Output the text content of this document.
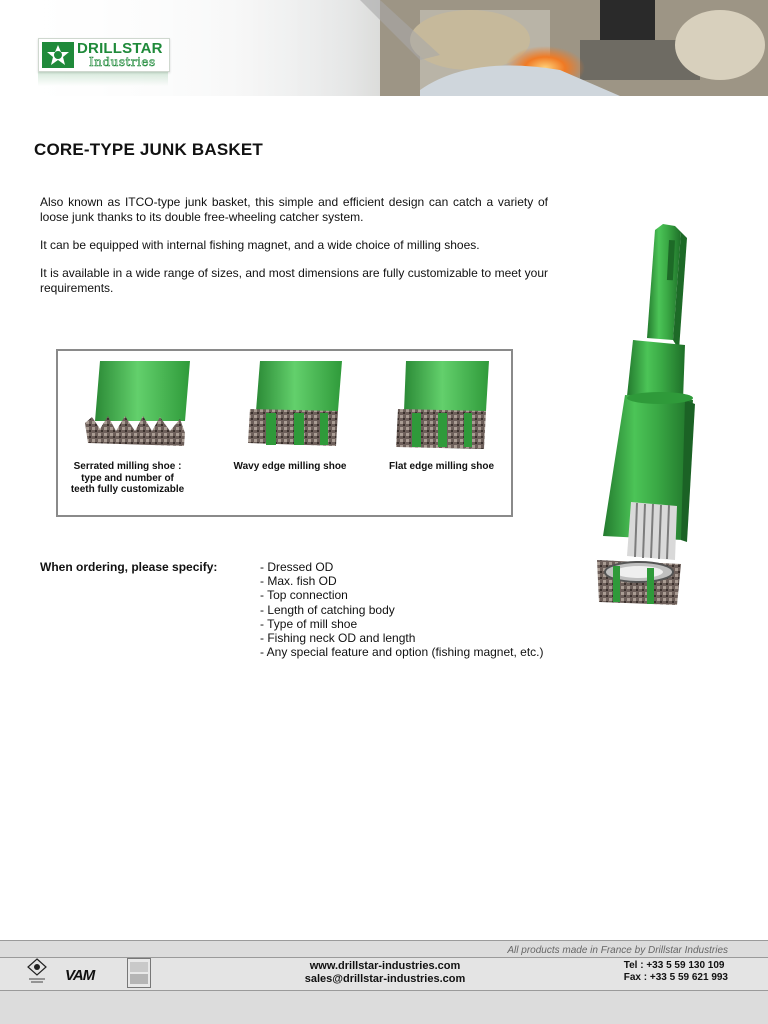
DRILLSTAR
Industries
CORE-TYPE JUNK BASKET
Also known as ITCO-type junk basket, this simple and efficient design can catch a variety of loose junk thanks to its double free-wheeling catcher system.
It can be equipped with internal fishing magnet, and a wide choice of milling shoes.
It is available in a wide range of sizes, and most dimensions are fully customizable to meet your requirements.
Serrated milling shoe :
type and number of
teeth fully customizable
Wavy edge milling shoe	Flat edge milling shoe
When ordering, please specify:	- Dressed OD
- Max. fish OD
- Top connection
- Length of catching body
- Type of mill shoe
- Fishing neck OD and length
- Any special feature and option (fishing magnet, etc.)
All products made in France by Drillstar Industries
www.drillstar-industries.com
sales@drillstar-industries.com
Tel : +33 5 59 130 109
Fax : +33 5 59 621 993
VAM
